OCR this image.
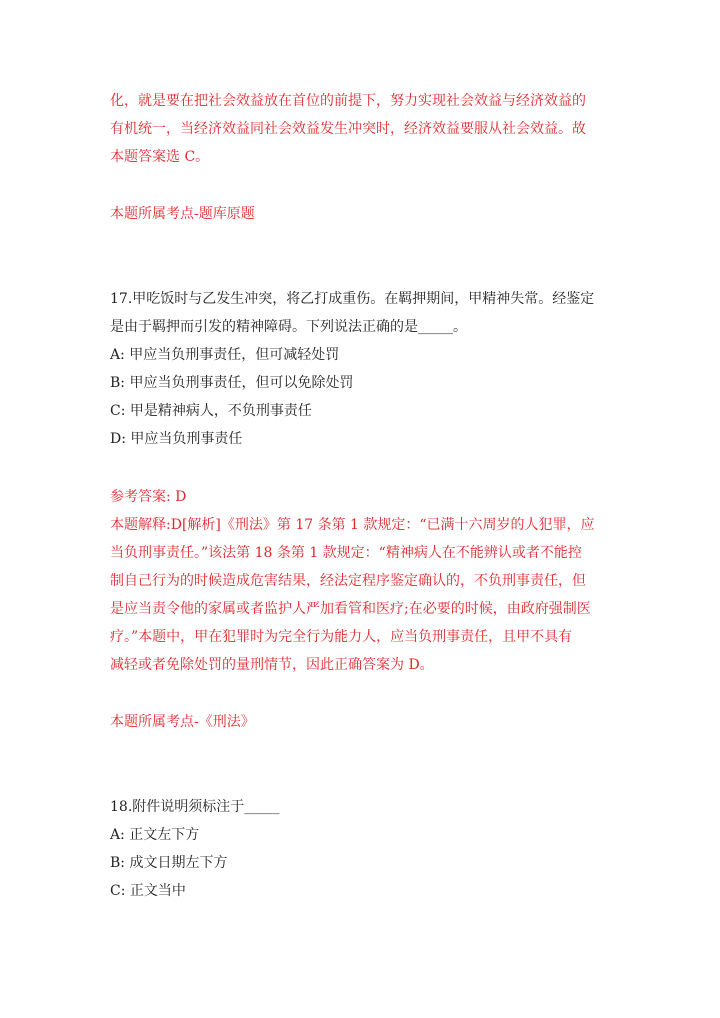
化，就是要在把社会效益放在首位的前提下，努力实现社会效益与经济效益的
有机统一，当经济效益同社会效益发生冲突时，经济效益要服从社会效益。故
本题答案选 C。
本题所属考点-题库原题
17.甲吃饭时与乙发生冲突，将乙打成重伤。在羁押期间，甲精神失常。经鉴定
是由于羁押而引发的精神障碍。下列说法正确的是_____。
A: 甲应当负刑事责任，但可减轻处罚
B: 甲应当负刑事责任，但可以免除处罚
C: 甲是精神病人，不负刑事责任
D: 甲应当负刑事责任
参考答案: D
本题解释:D[解析]《刑法》第 17 条第 1 款规定：“已满十六周岁的人犯罪，应
当负刑事责任。”该法第 18 条第 1 款规定：“精神病人在不能辨认或者不能控
制自己行为的时候造成危害结果，经法定程序鉴定确认的，不负刑事责任，但
是应当责令他的家属或者监护人严加看管和医疗;在必要的时候，由政府强制医
疗。”本题中，甲在犯罪时为完全行为能力人，应当负刑事责任，且甲不具有
减轻或者免除处罚的量刑情节，因此正确答案为 D。
本题所属考点-《刑法》
18.附件说明须标注于_____
A: 正文左下方
B: 成文日期左下方
C: 正文当中
